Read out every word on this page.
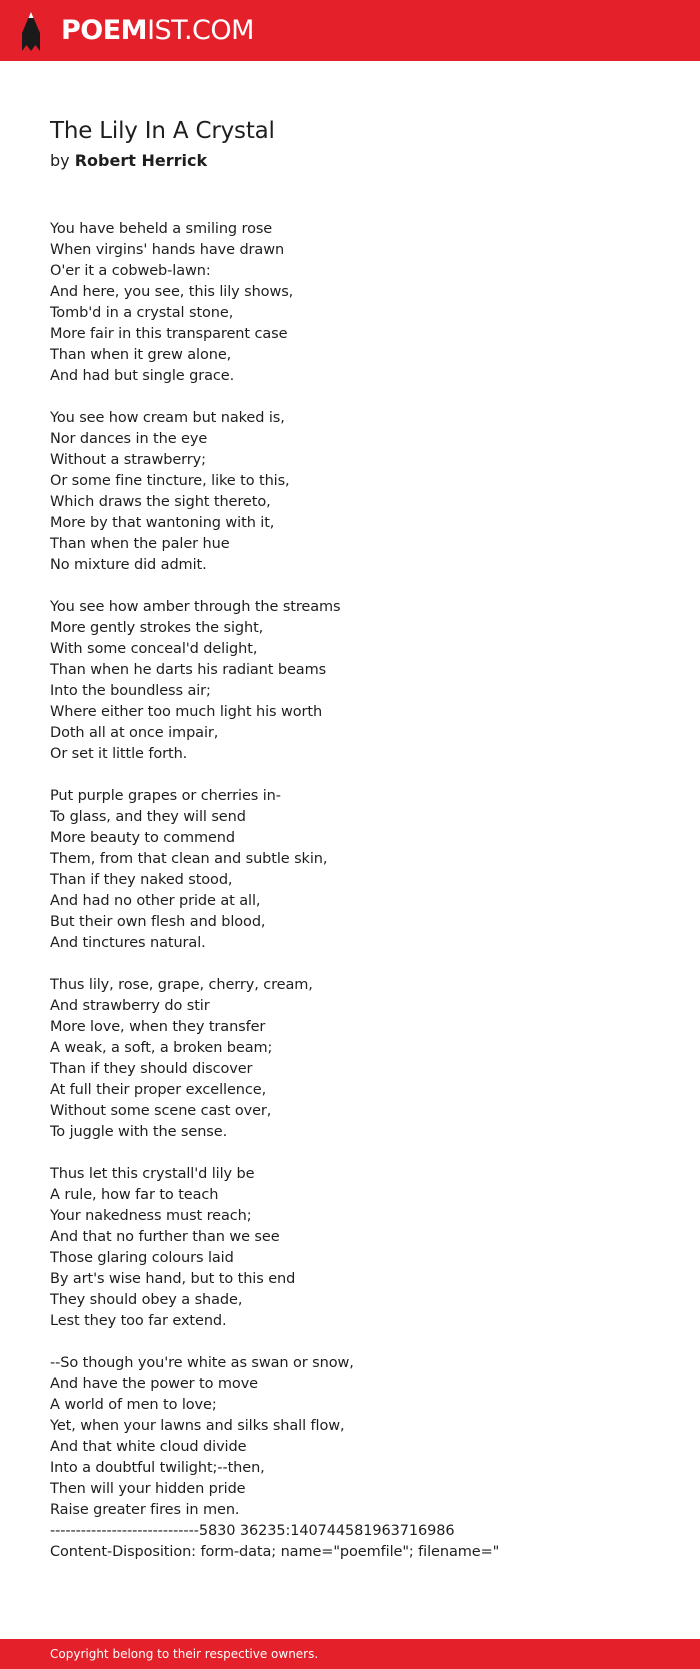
POEMIST.COM
The Lily In A Crystal

by Robert Herrick

You have beheld a smiling rose
When virgins' hands have drawn
O'er it a cobweb-lawn:
And here, you see, this lily shows,
Tomb'd in a crystal stone,
More fair in this transparent case
Than when it grew alone,
And had but single grace.

You see how cream but naked is,
Nor dances in the eye
Without a strawberry;
Or some fine tincture, like to this,
Which draws the sight thereto,
More by that wantoning with it,
Than when the paler hue
No mixture did admit.

You see how amber through the streams
More gently strokes the sight,
With some conceal'd delight,
Than when he darts his radiant beams
Into the boundless air;
Where either too much light his worth
Doth all at once impair,
Or set it little forth.

Put purple grapes or cherries in-
To glass, and they will send
More beauty to commend
Them, from that clean and subtle skin,
Than if they naked stood,
And had no other pride at all,
But their own flesh and blood,
And tinctures natural.

Thus lily, rose, grape, cherry, cream,
And strawberry do stir
More love, when they transfer
A weak, a soft, a broken beam;
Than if they should discover
At full their proper excellence,
Without some scene cast over,
To juggle with the sense.

Thus let this crystall'd lily be
A rule, how far to teach
Your nakedness must reach;
And that no further than we see
Those glaring colours laid
By art's wise hand, but to this end
They should obey a shade,
Lest they too far extend.

--So though you're white as swan or snow,
And have the power to move
A world of men to love;
Yet, when your lawns and silks shall flow,
And that white cloud divide
Into a doubtful twilight;--then,
Then will your hidden pride
Raise greater fires in men.
-----------------------------5830 36235:140744581963716986
Content-Disposition: form-data; name="poemfile"; filename="
Copyright belong to their respective owners.
